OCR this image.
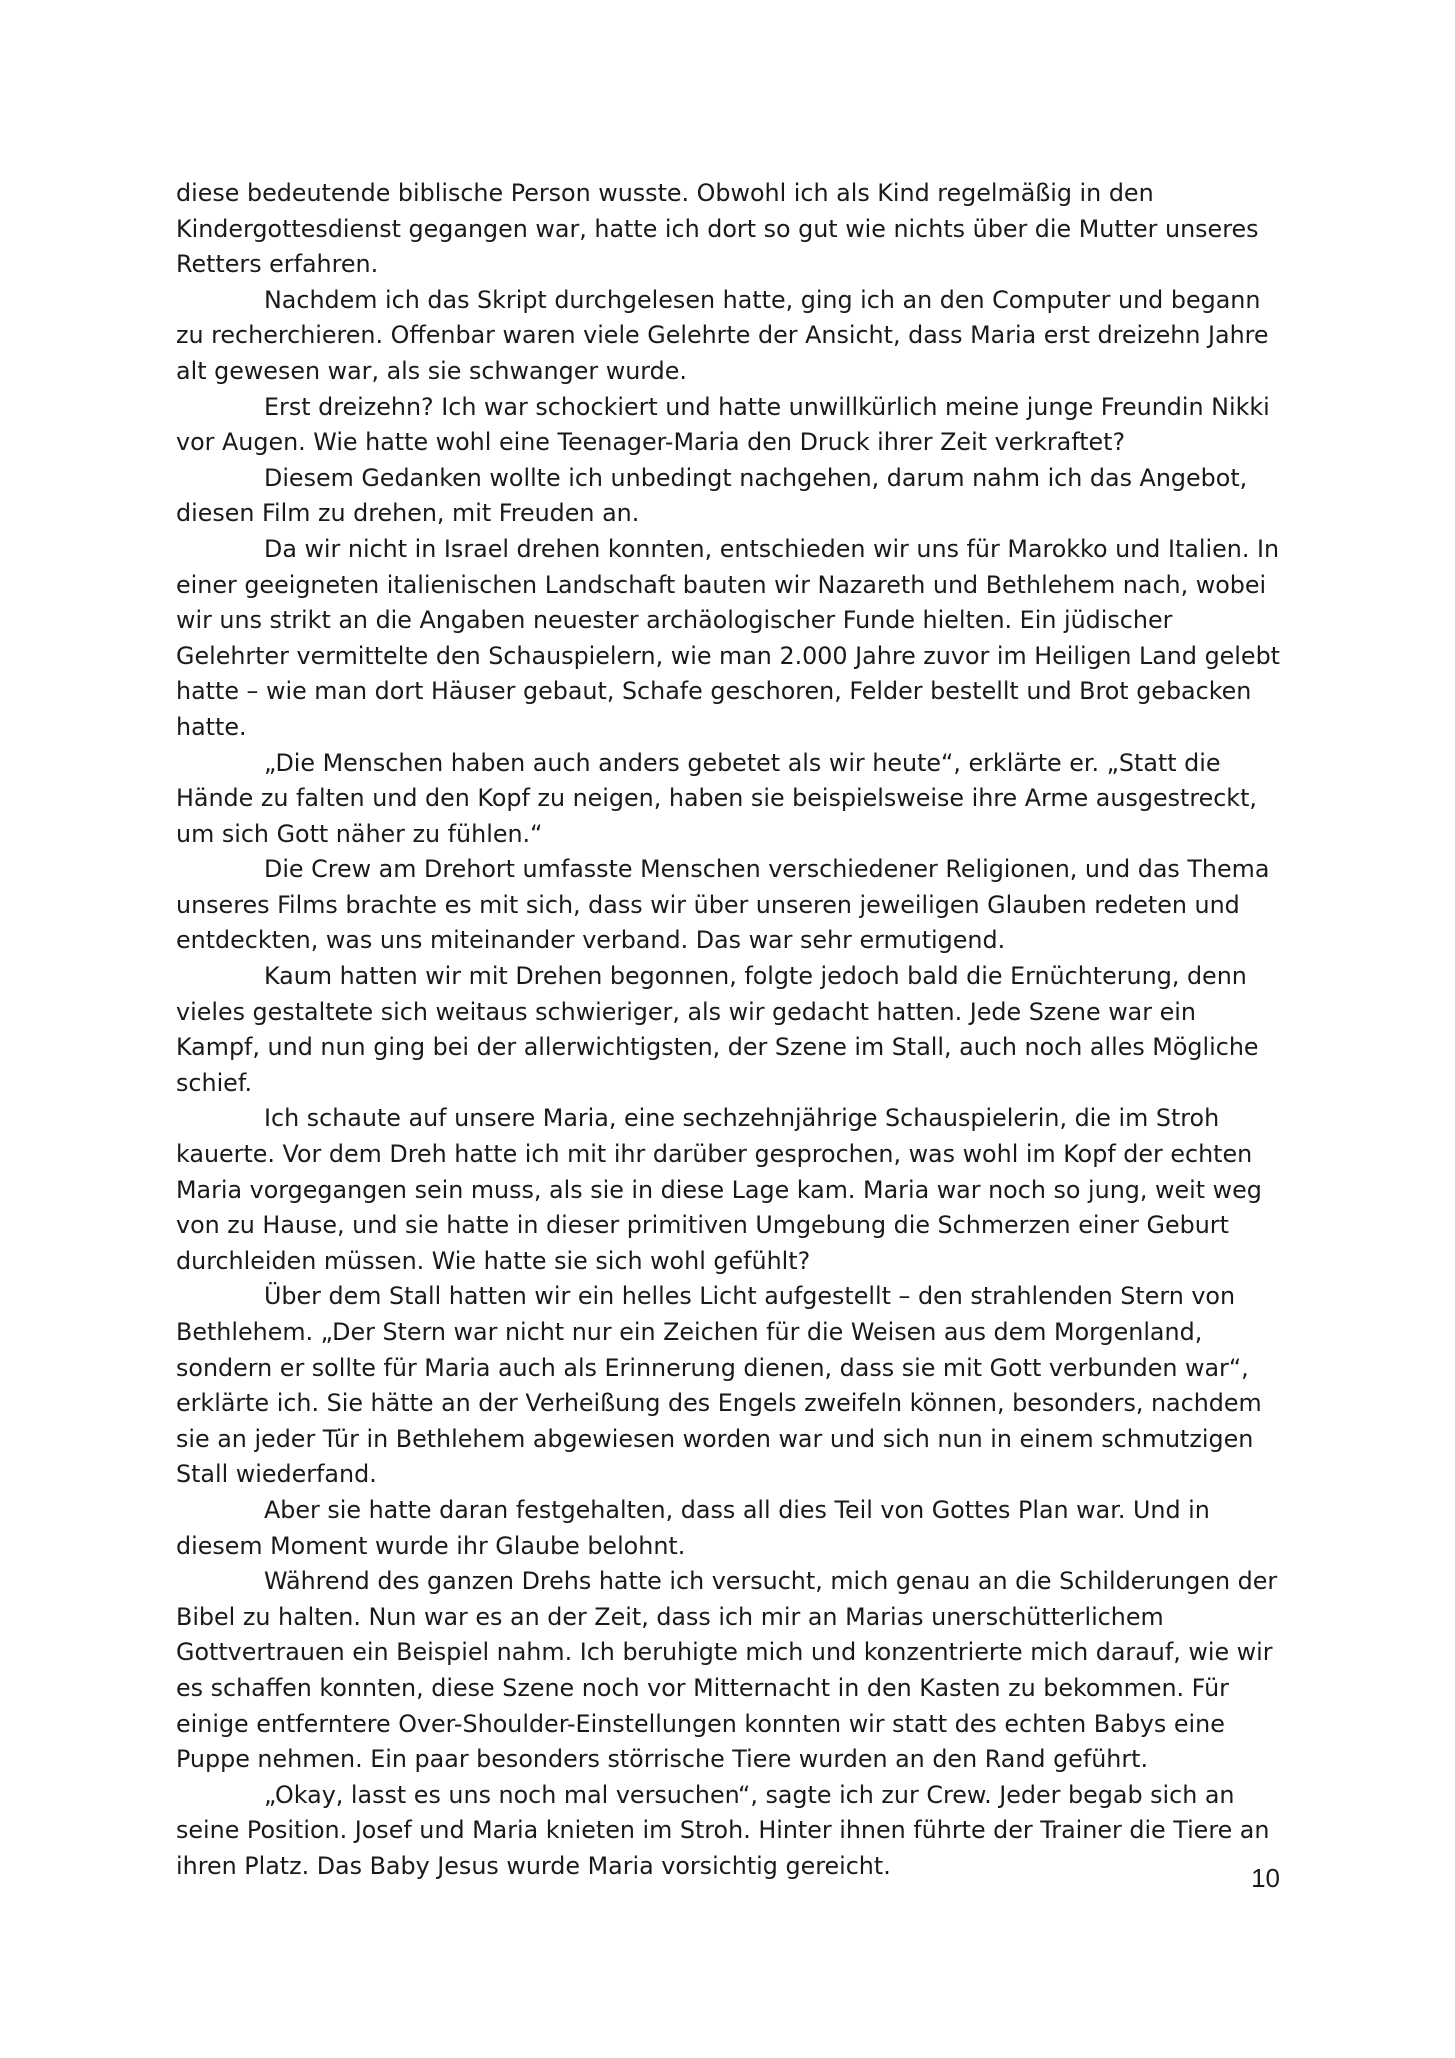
diese bedeutende biblische Person wusste. Obwohl ich als Kind regelmäßig in den Kindergottesdienst gegangen war, hatte ich dort so gut wie nichts über die Mutter unseres Retters erfahren.

Nachdem ich das Skript durchgelesen hatte, ging ich an den Computer und begann zu recherchieren. Offenbar waren viele Gelehrte der Ansicht, dass Maria erst dreizehn Jahre alt gewesen war, als sie schwanger wurde.

Erst dreizehn? Ich war schockiert und hatte unwillkürlich meine junge Freundin Nikki vor Augen. Wie hatte wohl eine Teenager-Maria den Druck ihrer Zeit verkraftet?

Diesem Gedanken wollte ich unbedingt nachgehen, darum nahm ich das Angebot, diesen Film zu drehen, mit Freuden an.

Da wir nicht in Israel drehen konnten, entschieden wir uns für Marokko und Italien. In einer geeigneten italienischen Landschaft bauten wir Nazareth und Bethlehem nach, wobei wir uns strikt an die Angaben neuester archäologischer Funde hielten. Ein jüdischer Gelehrter vermittelte den Schauspielern, wie man 2.000 Jahre zuvor im Heiligen Land gelebt hatte – wie man dort Häuser gebaut, Schafe geschoren, Felder bestellt und Brot gebacken hatte.

„Die Menschen haben auch anders gebetet als wir heute“, erklärte er. „Statt die Hände zu falten und den Kopf zu neigen, haben sie beispielsweise ihre Arme ausgestreckt, um sich Gott näher zu fühlen.“

Die Crew am Drehort umfasste Menschen verschiedener Religionen, und das Thema unseres Films brachte es mit sich, dass wir über unseren jeweiligen Glauben redeten und entdeckten, was uns miteinander verband. Das war sehr ermutigend.

Kaum hatten wir mit Drehen begonnen, folgte jedoch bald die Ernüchterung, denn vieles gestaltete sich weitaus schwieriger, als wir gedacht hatten. Jede Szene war ein Kampf, und nun ging bei der allerwichtigsten, der Szene im Stall, auch noch alles Mögliche schief.

Ich schaute auf unsere Maria, eine sechzehnjährige Schauspielerin, die im Stroh kauerte. Vor dem Dreh hatte ich mit ihr darüber gesprochen, was wohl im Kopf der echten Maria vorgegangen sein muss, als sie in diese Lage kam. Maria war noch so jung, weit weg von zu Hause, und sie hatte in dieser primitiven Umgebung die Schmerzen einer Geburt durchleiden müssen. Wie hatte sie sich wohl gefühlt?

Über dem Stall hatten wir ein helles Licht aufgestellt – den strahlenden Stern von Bethlehem. „Der Stern war nicht nur ein Zeichen für die Weisen aus dem Morgenland, sondern er sollte für Maria auch als Erinnerung dienen, dass sie mit Gott verbunden war“, erklärte ich. Sie hätte an der Verheißung des Engels zweifeln können, besonders, nachdem sie an jeder Tür in Bethlehem abgewiesen worden war und sich nun in einem schmutzigen Stall wiederfand.

Aber sie hatte daran festgehalten, dass all dies Teil von Gottes Plan war. Und in diesem Moment wurde ihr Glaube belohnt.

Während des ganzen Drehs hatte ich versucht, mich genau an die Schilderungen der Bibel zu halten. Nun war es an der Zeit, dass ich mir an Marias unerschütterlichem Gottvertrauen ein Beispiel nahm. Ich beruhigte mich und konzentrierte mich darauf, wie wir es schaffen konnten, diese Szene noch vor Mitternacht in den Kasten zu bekommen. Für einige entferntere Over-Shoulder-Einstellungen konnten wir statt des echten Babys eine Puppe nehmen. Ein paar besonders störrische Tiere wurden an den Rand geführt.

„Okay, lasst es uns noch mal versuchen“, sagte ich zur Crew. Jeder begab sich an seine Position. Josef und Maria knieten im Stroh. Hinter ihnen führte der Trainer die Tiere an ihren Platz. Das Baby Jesus wurde Maria vorsichtig gereicht.	10
